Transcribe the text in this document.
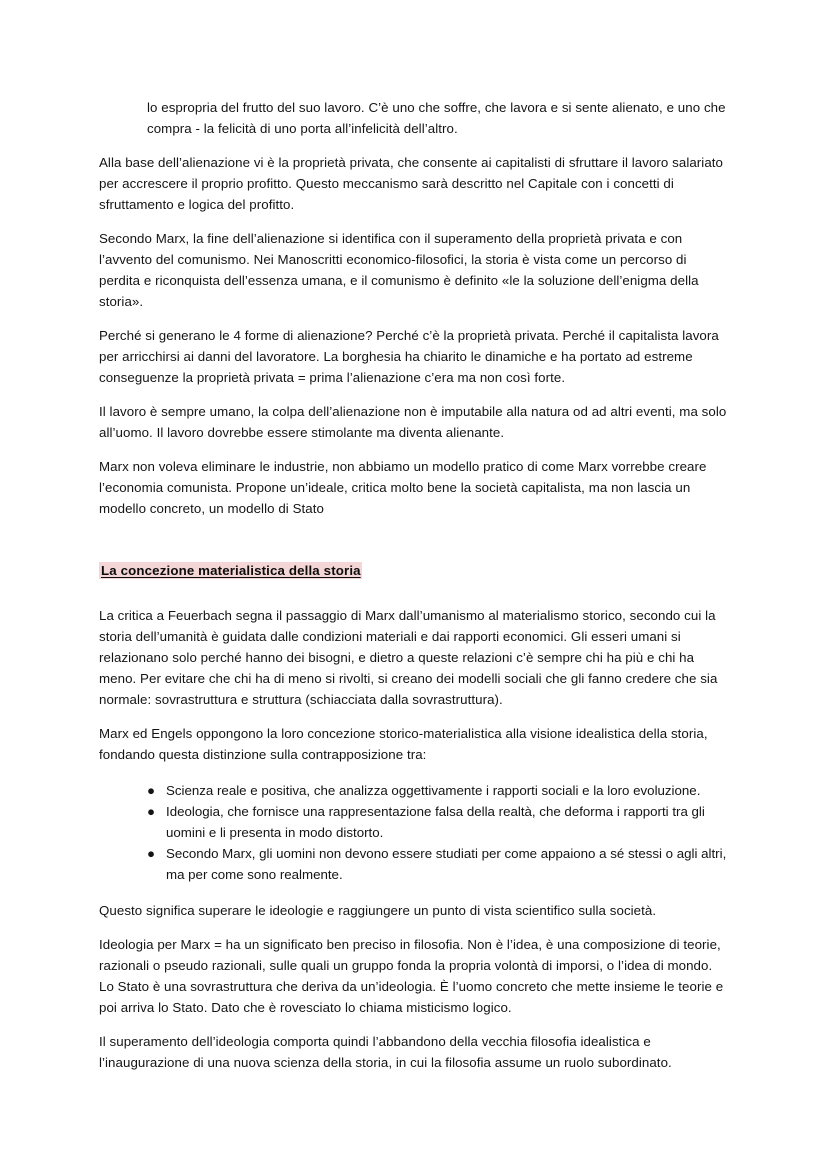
lo espropria del frutto del suo lavoro. C’è uno che soffre, che lavora e si sente alienato, e uno che compra - la felicità di uno porta all’infelicità dell’altro.

Alla base dell’alienazione vi è la proprietà privata, che consente ai capitalisti di sfruttare il lavoro salariato per accrescere il proprio profitto. Questo meccanismo sarà descritto nel Capitale con i concetti di sfruttamento e logica del profitto.

Secondo Marx, la fine dell’alienazione si identifica con il superamento della proprietà privata e con l’avvento del comunismo. Nei Manoscritti economico-filosofici, la storia è vista come un percorso di perdita e riconquista dell’essenza umana, e il comunismo è definito «le la soluzione dell’enigma della storia».

Perché si generano le 4 forme di alienazione? Perché c’è la proprietà privata. Perché il capitalista lavora per arricchirsi ai danni del lavoratore. La borghesia ha chiarito le dinamiche e ha portato ad estreme conseguenze la proprietà privata = prima l’alienazione c’era ma non così forte.

Il lavoro è sempre umano, la colpa dell’alienazione non è imputabile alla natura od ad altri eventi, ma solo all’uomo. Il lavoro dovrebbe essere stimolante ma diventa alienante.

Marx non voleva eliminare le industrie, non abbiamo un modello pratico di come Marx vorrebbe creare l’economia comunista. Propone un’ideale, critica molto bene la società capitalista, ma non lascia un modello concreto, un modello di Stato

La concezione materialistica della storia

La critica a Feuerbach segna il passaggio di Marx dall’umanismo al materialismo storico, secondo cui la storia dell’umanità è guidata dalle condizioni materiali e dai rapporti economici. Gli esseri umani si relazionano solo perché hanno dei bisogni, e dietro a queste relazioni c’è sempre chi ha più e chi ha meno. Per evitare che chi ha di meno si rivolti, si creano dei modelli sociali che gli fanno credere che sia normale: sovrastruttura e struttura (schiacciata dalla sovrastruttura).

Marx ed Engels oppongono la loro concezione storico-materialistica alla visione idealistica della storia, fondando questa distinzione sulla contrapposizione tra:

● Scienza reale e positiva, che analizza oggettivamente i rapporti sociali e la loro evoluzione.
● Ideologia, che fornisce una rappresentazione falsa della realtà, che deforma i rapporti tra gli uomini e li presenta in modo distorto.
● Secondo Marx, gli uomini non devono essere studiati per come appaiono a sé stessi o agli altri, ma per come sono realmente.

Questo significa superare le ideologie e raggiungere un punto di vista scientifico sulla società.

Ideologia per Marx = ha un significato ben preciso in filosofia. Non è l’idea, è una composizione di teorie, razionali o pseudo razionali, sulle quali un gruppo fonda la propria volontà di imporsi, o l’idea di mondo. Lo Stato è una sovrastruttura che deriva da un’ideologia. È l’uomo concreto che mette insieme le teorie e poi arriva lo Stato. Dato che è rovesciato lo chiama misticismo logico.

Il superamento dell’ideologia comporta quindi l’abbandono della vecchia filosofia idealistica e l’inaugurazione di una nuova scienza della storia, in cui la filosofia assume un ruolo subordinato.
